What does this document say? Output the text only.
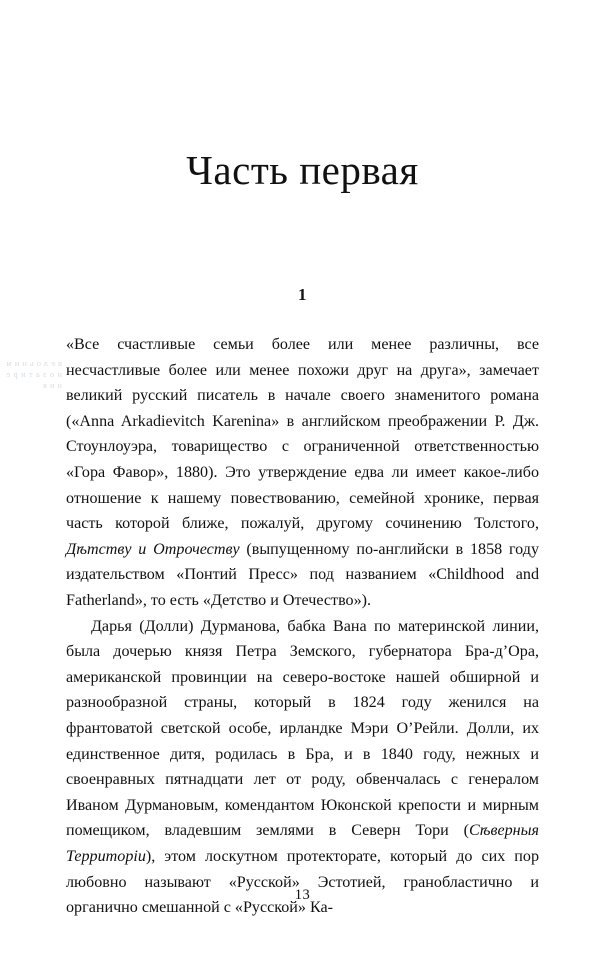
в е л о ь н и м н о з а т и р е н и я
Часть первая
1

«Все счастливые семьи более или менее различны, все несчастливые более или менее похожи друг на друга», замечает великий русский писатель в начале своего знаменитого романа («Anna Arkadievitch Karenina» в английском преображении Р. Дж. Стоунлоуэра, товарищество с ограниченной ответственностью «Гора Фавор», 1880). Это утверждение едва ли имеет какое-либо отношение к нашему повествованию, семейной хронике, первая часть которой ближе, пожалуй, другому сочинению Толстого, Дѣтству и Отрочеству (выпущенному по-английски в 1858 году издательством «Понтий Пресс» под названием «Childhood and Fatherland», то есть «Детство и Отечество»).

Дарья (Долли) Дурманова, бабка Вана по материнской линии, была дочерью князя Петра Земского, губернатора Бра-д’Ора, американской провинции на северо-востоке нашей обширной и разнообразной страны, который в 1824 году женился на франтоватой светской особе, ирландке Мэри О’Рейли. Долли, их единственное дитя, родилась в Бра, и в 1840 году, нежных и своенравных пятнадцати лет от роду, обвенчалась с генералом Иваном Дурмановым, комендантом Юконской крепости и мирным помещиком, владевшим землями в Северн Тори (Сѣверныя Территорiи), этом лоскутном протекторате, который до сих пор любовно называют «Русской» Эстотией, гранобластично и органично смешанной с «Русской» Ка-

13
